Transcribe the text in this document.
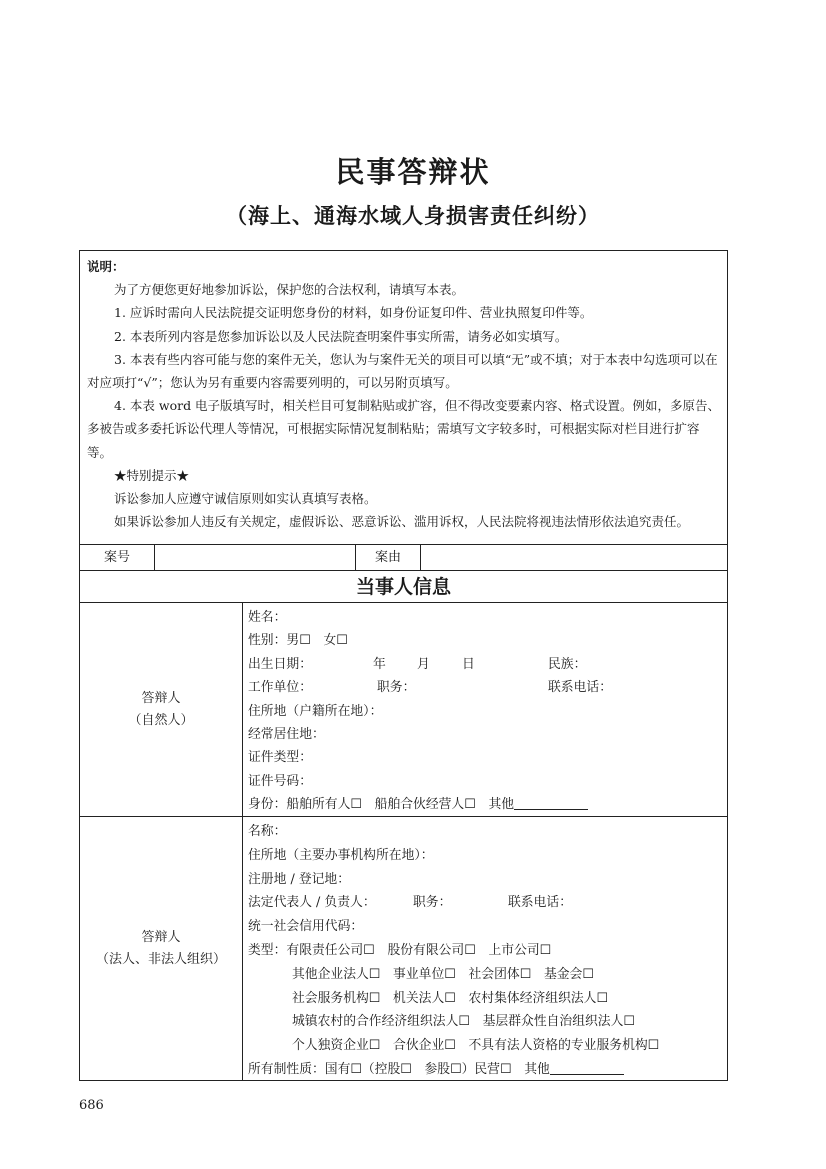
民事答辩状
（海上、通海水域人身损害责任纠纷）

说明：

为了方便您更好地参加诉讼，保护您的合法权利，请填写本表。

1. 应诉时需向人民法院提交证明您身份的材料，如身份证复印件、营业执照复印件等。

2. 本表所列内容是您参加诉讼以及人民法院查明案件事实所需，请务必如实填写。

3. 本表有些内容可能与您的案件无关，您认为与案件无关的项目可以填“无”或不填；对于本表中勾选项可以在对应项打“√”；您认为另有重要内容需要列明的，可以另附页填写。

4. 本表 word 电子版填写时，相关栏目可复制粘贴或扩容，但不得改变要素内容、格式设置。例如，多原告、多被告或多委托诉讼代理人等情况，可根据实际情况复制粘贴；需填写文字较多时，可根据实际对栏目进行扩容等。

★特别提示★

诉讼参加人应遵守诚信原则如实认真填写表格。

如果诉讼参加人违反有关规定，虚假诉讼、恶意诉讼、滥用诉权，人民法院将视违法情形依法追究责任。

案号	案由
当事人信息
答辩人
（自然人）
姓名：
性别：男☐　女☐
出生日期：	年 月	日	民族：
工作单位：	职务：	联系电话：
住所地（户籍所在地）：
经常居住地：
证件类型：
证件号码：
身份：船舶所有人☐　船舶合伙经营人☐　其他
答辩人
（法人、非法人组织）
名称：
住所地（主要办事机构所在地）：
注册地 / 登记地：
法定代表人 / 负责人：	职务：	联系电话：
统一社会信用代码：
类型：有限责任公司☐　股份有限公司☐　上市公司☐
其他企业法人☐　事业单位☐　社会团体☐　基金会☐
社会服务机构☐　机关法人☐　农村集体经济组织法人☐
城镇农村的合作经济组织法人☐　基层群众性自治组织法人☐
个人独资企业☐　合伙企业☐　不具有法人资格的专业服务机构☐
所有制性质：国有☐（控股☐　参股☐）民营☐　其他
686
